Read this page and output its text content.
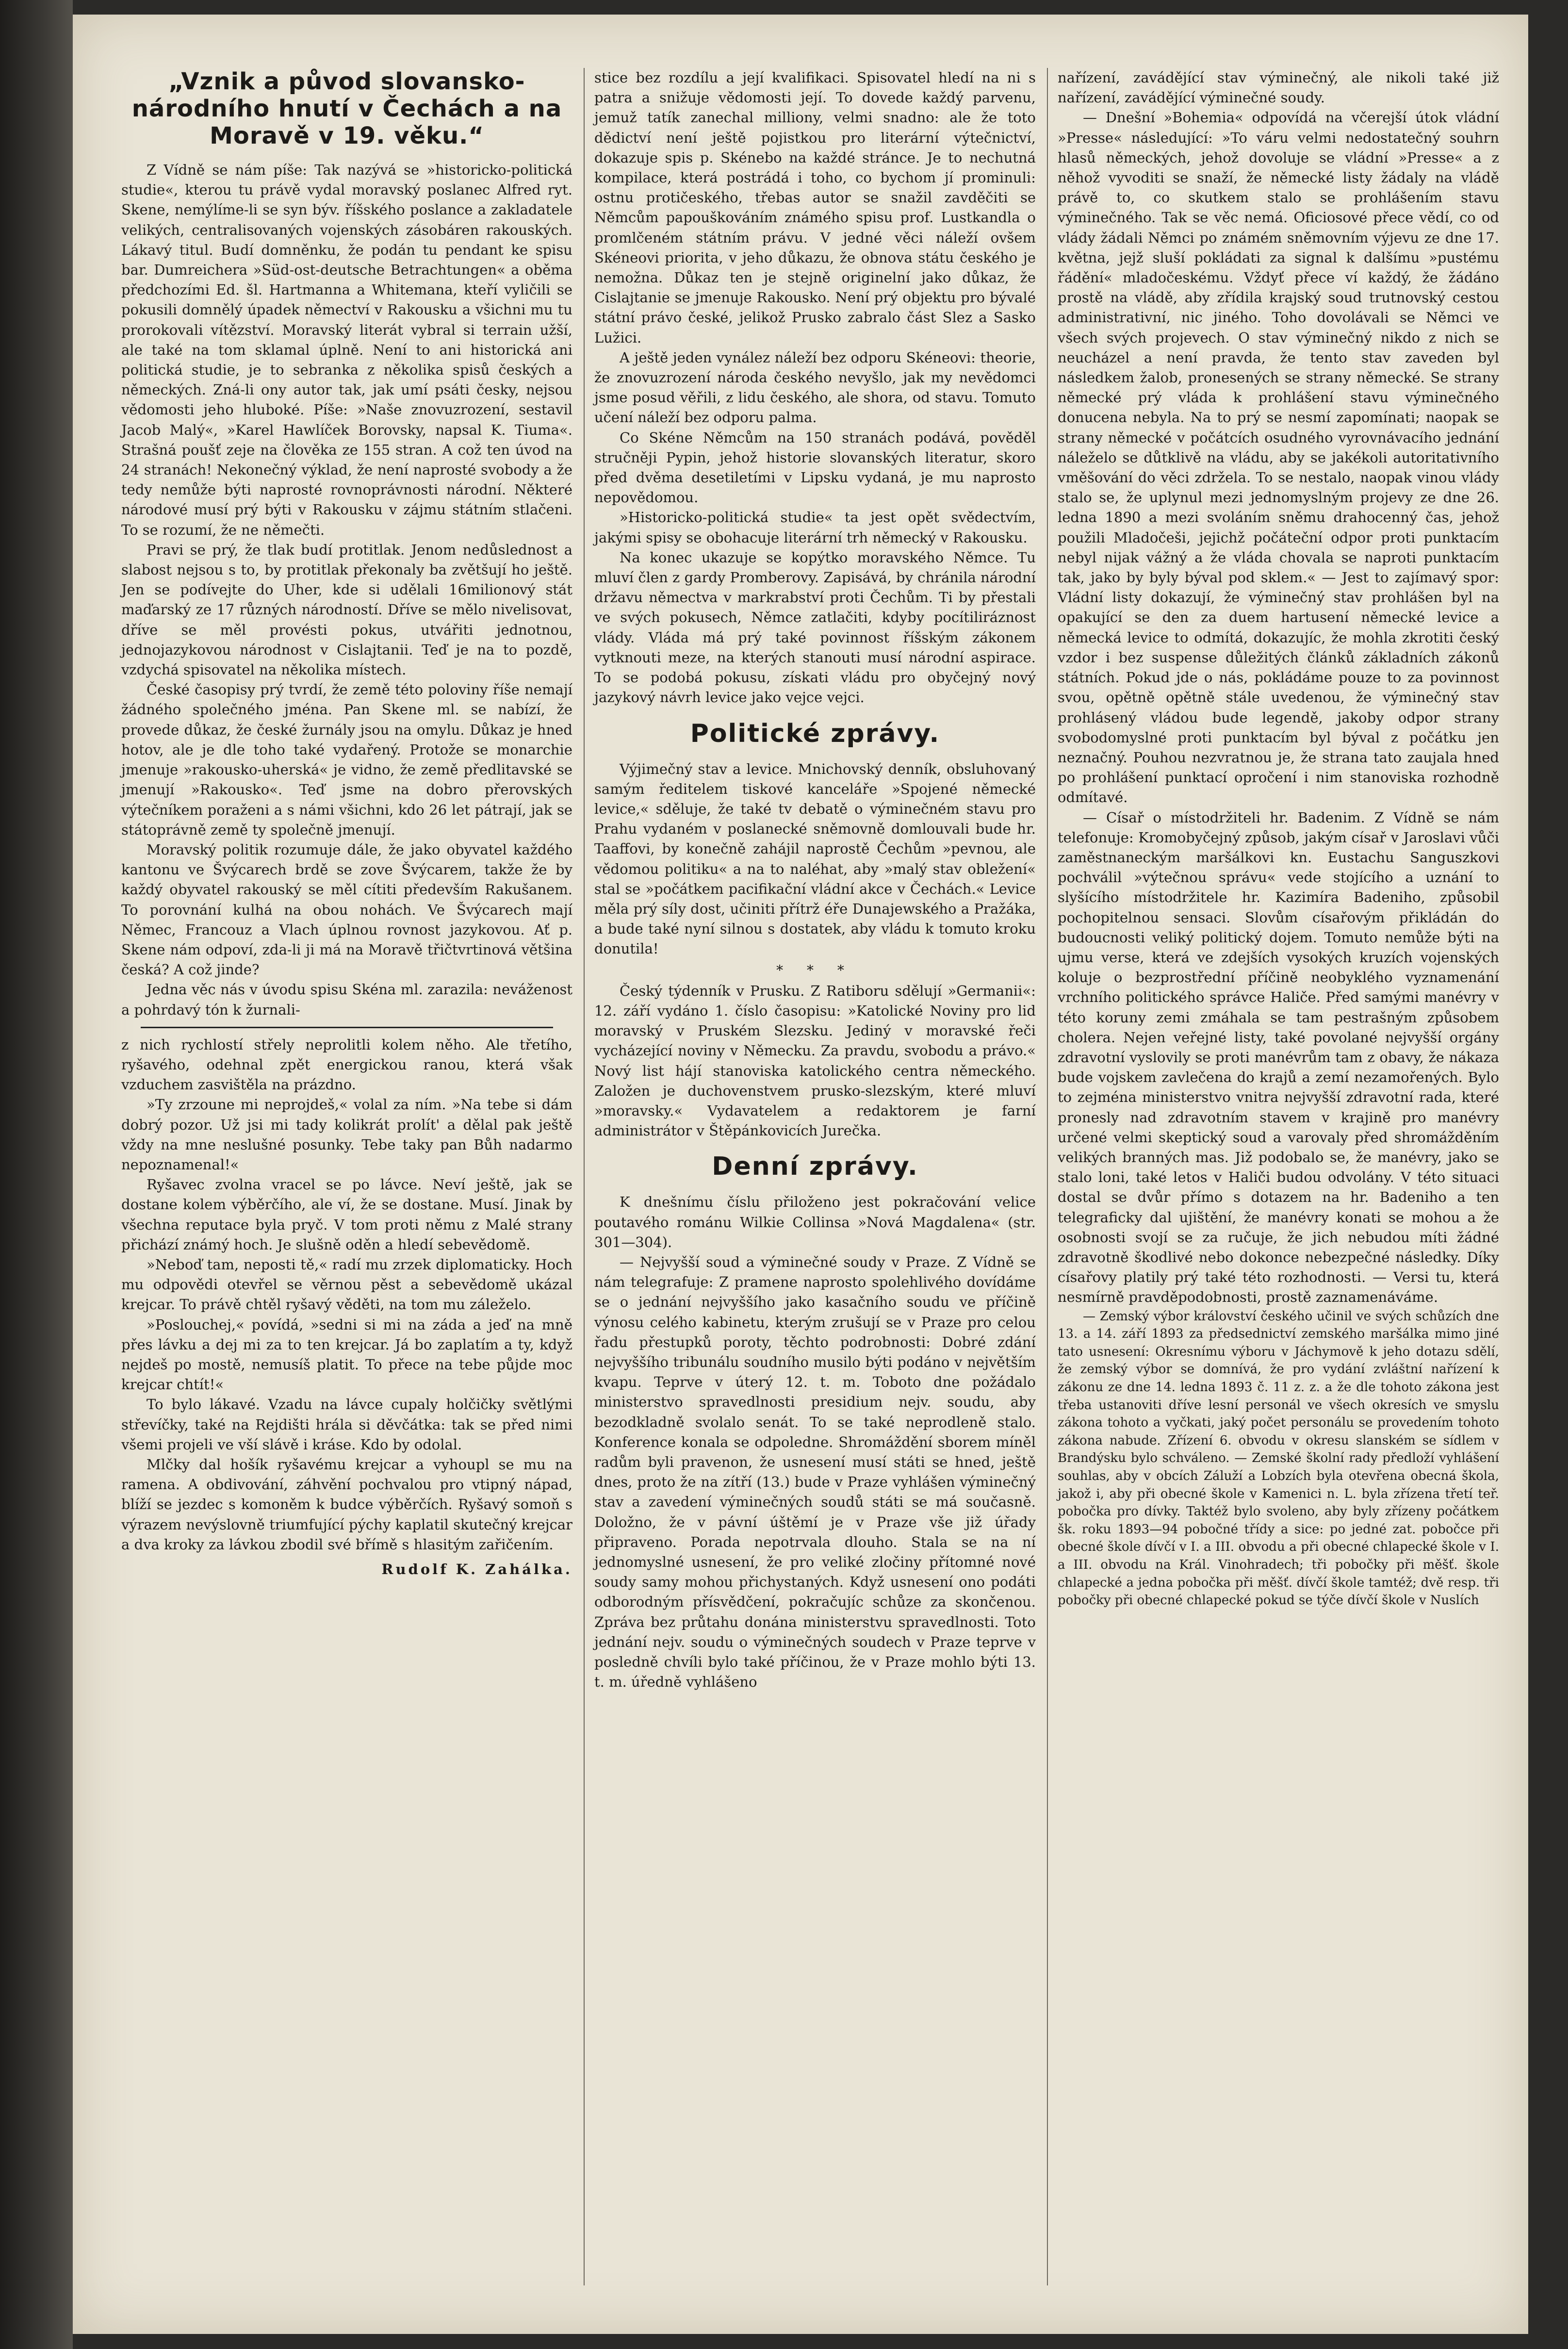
„Vznik a původ slovansko-národního hnutí v Čechách a na Moravě v 19. věku.“

Z Vídně se nám píše: Tak nazývá se »historicko-politická studie«, kterou tu právě vydal moravský poslanec Alfred ryt. Skene, nemýlíme-li se syn býv. říšského poslance a zakladatele velikých, centralisovaných vojenských zásobáren rakouských. Lákavý titul. Budí domněnku, že podán tu pendant ke spisu bar. Dumreichera »Süd-ost-deutsche Betrachtungen« a oběma předchozími Ed. šl. Hartmanna a Whitemana, kteří vyličili se pokusili domnělý úpadek němectví v Rakousku a všichni mu tu prorokovali vítězství. Moravský literát vybral si terrain užší, ale také na tom sklamal úplně. Není to ani historická ani politická studie, je to sebranka z několika spisů českých a německých. Zná-li ony autor tak, jak umí psáti česky, nejsou vědomosti jeho hluboké. Píše: »Naše znovuzrození, sestavil Jacob Malý«, »Karel Hawlíček Borovsky, napsal K. Tiuma«. Strašná poušť zeje na člověka ze 155 stran. A což ten úvod na 24 stranách! Nekonečný výklad, že není naprosté svobody a že tedy nemůže býti naprosté rovnoprávnosti národní. Některé národové musí prý býti v Rakousku v zájmu státním stlačeni. To se rozumí, že ne němečti.

Pravi se prý, že tlak budí protitlak. Jenom nedůslednost a slabost nejsou s to, by protitlak překonaly ba zvětšují ho ještě. Jen se podívejte do Uher, kde si udělali 16milionový stát maďarský ze 17 různých národností. Dříve se mělo nivelisovat, dříve se měl provésti pokus, utvářiti jednotnou, jednojazykovou národnost v Cislajtanii. Teď je na to pozdě, vzdychá spisovatel na několika místech.

České časopisy prý tvrdí, že země této poloviny říše nemají žádného společného jména. Pan Skene ml. se nabízí, že provede důkaz, že české žurnály jsou na omylu. Důkaz je hned hotov, ale je dle toho také vydařený. Protože se monarchie jmenuje »rakousko-uherská« je vidno, že země předlitavské se jmenují »Rakousko«. Teď jsme na dobro přerovských výtečníkem poraženi a s námi všichni, kdo 26 let pátrají, jak se státoprávně země ty společně jmenují.

Moravský politik rozumuje dále, že jako obyvatel každého kantonu ve Švýcarech brdě se zove Švýcarem, takže že by každý obyvatel rakouský se měl cítiti především Rakušanem. To porovnání kulhá na obou nohách. Ve Švýcarech mají Němec, Francouz a Vlach úplnou rovnost jazykovou. Ať p. Skene nám odpoví, zda-li ji má na Moravě třičtvrtinová většina česká? A což jinde?

Jedna věc nás v úvodu spisu Skéna ml. zarazila: neváženost a pohrdavý tón k žurnali-

z nich rychlostí střely neprolitli kolem něho. Ale třetího, ryšavého, odehnal zpět energickou ranou, která však vzduchem zasvištěla na prázdno.

»Ty zrzoune mi neprojdeš,« volal za ním. »Na tebe si dám dobrý pozor. Už jsi mi tady kolikrát prolít' a dělal pak ještě vždy na mne neslušné posunky. Tebe taky pan Bůh nadarmo nepoznamenal!«

Ryšavec zvolna vracel se po lávce. Neví ještě, jak se dostane kolem výběrčího, ale ví, že se dostane. Musí. Jinak by všechna reputace byla pryč. V tom proti němu z Malé strany přichází známý hoch. Je slušně oděn a hledí sebevědomě.

»Neboď tam, neposti tě,« radí mu zrzek diplomaticky. Hoch mu odpovědi otevřel se věrnou pěst a sebevědomě ukázal krejcar. To právě chtěl ryšavý věděti, na tom mu záleželo.

»Poslouchej,« povídá, »sedni si mi na záda a jeď na mně přes lávku a dej mi za to ten krejcar. Já bo zaplatím a ty, když nejdeš po mostě, nemusíš platit. To přece na tebe půjde moc krejcar chtít!«

To bylo lákavé. Vzadu na lávce cupaly holčičky světlými střevíčky, také na Rejdišti hrála si děvčátka: tak se před nimi všemi projeli ve vší slávě i kráse. Kdo by odolal.

Mlčky dal hošík ryšavému krejcar a vyhoupl se mu na ramena. A obdivování, záhvění pochvalou pro vtipný nápad, blíží se jezdec s komoněm k budce výběrčích. Ryšavý somoň s výrazem nevýslovně triumfující pýchy kaplatil skutečný krejcar a dva kroky za lávkou zbodil své břímě s hlasitým zařičením.

Rudolf K. Zahálka.

stice bez rozdílu a její kvalifikaci. Spisovatel hledí na ni s patra a snižuje vědomosti její. To dovede každý parvenu, jemuž tatík zanechal milliony, velmi snadno: ale že toto dědictví není ještě pojistkou pro literární výtečnictví, dokazuje spis p. Skénebo na každé stránce. Je to nechutná kompilace, která postrádá i toho, co bychom jí prominuli: ostnu protičeského, třebas autor se snažil zavděčiti se Němcům papouškováním známého spisu prof. Lustkandla o promlčeném státním právu. V jedné věci náleží ovšem Skéneovi priorita, v jeho důkazu, že obnova státu českého je nemožna. Důkaz ten je stejně originelní jako důkaz, že Cislajtanie se jmenuje Rakousko. Není prý objektu pro bývalé státní právo české, jelikož Prusko zabralo část Slez a Sasko Lužici.

A ještě jeden vynález náleží bez odporu Skéneovi: theorie, že znovuzrození národa českého nevyšlo, jak my nevědomci jsme posud věřili, z lidu českého, ale shora, od stavu. Tomuto učení náleží bez odporu palma.

Co Skéne Němcům na 150 stranách podává, pověděl stručněji Pypin, jehož historie slovanských literatur, skoro před dvěma desetiletími v Lipsku vydaná, je mu naprosto nepovědomou.

»Historicko-politická studie« ta jest opět svědectvím, jakými spisy se obohacuje literární trh německý v Rakousku.

Na konec ukazuje se kopýtko moravského Němce. Tu mluví člen z gardy Promberovy. Zapisává, by chránila národní državu němectva v markrabství proti Čechům. Ti by přestali ve svých pokusech, Němce zatlačiti, kdyby pocítiliráznost vlády. Vláda má prý také povinnost říšským zákonem vytknouti meze, na kterých stanouti musí národní aspirace. To se podobá pokusu, získati vládu pro obyčejný nový jazykový návrh levice jako vejce vejci.

Politické zprávy.

Výjimečný stav a levice. Mnichovský denník, obsluhovaný samým ředitelem tiskové kanceláře »Spojené německé levice,« sděluje, že také tv debatě o výminečném stavu pro Prahu vydaném v poslanecké sněmovně domlouvali bude hr. Taaffovi, by konečně zahájil naprostě Čechům »pevnou, ale vědomou politiku« a na to naléhat, aby »malý stav obležení« stal se »počátkem pacifikační vládní akce v Čechách.« Levice měla prý síly dost, učiniti přítrž éře Dunajewského a Pražáka, a bude také nyní silnou s dostatek, aby vládu k tomuto kroku donutila!

* * *

Český týdenník v Prusku. Z Ratiboru sdělují »Germanii«: 12. září vydáno 1. číslo časopisu: »Katolické Noviny pro lid moravský v Pruském Slezsku. Jediný v moravské řeči vycházející noviny v Německu. Za pravdu, svobodu a právo.« Nový list hájí stanoviska katolického centra německého. Založen je duchovenstvem prusko-slezským, které mluví »moravsky.« Vydavatelem a redaktorem je farní administrátor v Štěpánkovicích Jurečka.

Denní zprávy.

K dnešnímu číslu přiloženo jest pokračování velice poutavého románu Wilkie Collinsa »Nová Magdalena« (str. 301—304).

— Nejvyšší soud a výminečné soudy v Praze. Z Vídně se nám telegrafuje: Z pramene naprosto spolehlivého dovídáme se o jednání nejvyššího jako kasačního soudu ve příčině výnosu celého kabinetu, kterým zrušují se v Praze pro celou řadu přestupků poroty, těchto podrobnosti: Dobré zdání nejvyššího tribunálu soudního musilo býti podáno v největším kvapu. Teprve v úterý 12. t. m. Toboto dne požádalo ministerstvo spravedlnosti presidium nejv. soudu, aby bezodkladně svolalo senát. To se také neprodleně stalo. Konference konala se odpoledne. Shromáždění sborem míněl radům byli pravenon, že usnesení musí státi se hned, ještě dnes, proto že na zítří (13.) bude v Praze vyhlášen výminečný stav a zavedení výminečných soudů státi se má současně. Doložno, že v pávní úštěmí je v Praze vše již úřady připraveno. Porada nepotrvala dlouho. Stala se na ní jednomyslné usnesení, že pro veliké zločiny přítomné nové soudy samy mohou přichystaných. Když usnesení ono podáti odborodným přísvědčení, pokračujíc schůze za skončenou. Zpráva bez průtahu donána ministerstvu spravedlnosti. Toto jednání nejv. soudu o výminečných soudech v Praze teprve v posledně chvíli bylo také příčinou, že v Praze mohlo býti 13. t. m. úředně vyhlášeno

nařízení, zavádějící stav výminečný, ale nikoli také již nařízení, zavádějící výminečné soudy.

— Dnešní »Bohemia« odpovídá na včerejší útok vládní »Presse« následující: »To váru velmi nedostatečný souhrn hlasů německých, jehož dovoluje se vládní »Presse« a z něhož vyvoditi se snaží, že německé listy žádaly na vládě právě to, co skutkem stalo se prohlášením stavu výminečného. Tak se věc nemá. Oficiosové přece vědí, co od vlády žádali Němci po známém sněmovním výjevu ze dne 17. května, jejž sluší pokládati za signal k dalšímu »pustému řádění« mladočeskému. Vždyť přece ví každý, že žádáno prostě na vládě, aby zřídila krajský soud trutnovský cestou administrativní, nic jiného. Toho dovolávali se Němci ve všech svých projevech. O stav výminečný nikdo z nich se neucházel a není pravda, že tento stav zaveden byl následkem žalob, pronesených se strany německé. Se strany německé prý vláda k prohlášení stavu výminečného donucena nebyla. Na to prý se nesmí zapomínati; naopak se strany německé v počátcích osudného vyrovnávacího jednání náleželo se důtklivě na vládu, aby se jakékoli autoritativního vměšování do věci zdržela. To se nestalo, naopak vinou vlády stalo se, že uplynul mezi jednomyslným projevy ze dne 26. ledna 1890 a mezi svoláním sněmu drahocenný čas, jehož použili Mladočeši, jejichž počáteční odpor proti punktacím nebyl nijak vážný a že vláda chovala se naproti punktacím tak, jako by byly býval pod sklem.« — Jest to zajímavý spor: Vládní listy dokazují, že výminečný stav prohlášen byl na opakující se den za duem hartusení německé levice a německá levice to odmítá, dokazujíc, že mohla zkrotiti český vzdor i bez suspense důležitých článků základních zákonů státních. Pokud jde o nás, pokládáme pouze to za povinnost svou, opětně opětně stále uvedenou, že výminečný stav prohlásený vládou bude legendě, jakoby odpor strany svobodomyslné proti punktacím byl býval z počátku jen neznačný. Pouhou nezvratnou je, že strana tato zaujala hned po prohlášení punktací opročení i nim stanoviska rozhodně odmítavé.

— Císař o místodržiteli hr. Badenim. Z Vídně se nám telefonuje: Kromobyčejný způsob, jakým císař v Jaroslavi vůči zaměstnaneckým maršálkovi kn. Eustachu Sanguszkovi pochválil »výtečnou správu« vede stojícího a uznání to slyšícího místodržitele hr. Kazimíra Badeniho, způsobil pochopitelnou sensaci. Slovům císařovým přikládán do budoucnosti veliký politický dojem. Tomuto nemůže býti na ujmu verse, která ve zdejších vysokých kruzích vojenských koluje o bezprostřední příčině neobyklého vyznamenání vrchního politického správce Haliče. Před samými manévry v této koruny zemi zmáhala se tam pestrašným způsobem cholera. Nejen veřejné listy, také povolané nejvyšší orgány zdravotní vyslovily se proti manévrům tam z obavy, že nákaza bude vojskem zavlečena do krajů a zemí nezamořených. Bylo to zejména ministerstvo vnitra nejvyšší zdravotní rada, které pronesly nad zdravotním stavem v krajině pro manévry určené velmi skeptický soud a varovaly před shromážděním velikých branných mas. Již podobalo se, že manévry, jako se stalo loni, také letos v Haliči budou odvolány. V této situaci dostal se dvůr přímo s dotazem na hr. Badeniho a ten telegraficky dal ujištění, že manévry konati se mohou a že osobnosti svojí se za ručuje, že jich nebudou míti žádné zdravotně škodlivé nebo dokonce nebezpečné následky. Díky císařovy platily prý také této rozhodnosti. — Versi tu, která nesmírně pravděpodobnosti, prostě zaznamenáváme.

— Zemský výbor království českého učinil ve svých schůzích dne 13. a 14. září 1893 za předsednictví zemského maršálka mimo jiné tato usnesení: Okresnímu výboru v Jáchymově k jeho dotazu sdělí, že zemský výbor se domnívá, že pro vydání zvláštní nařízení k zákonu ze dne 14. ledna 1893 č. 11 z. z. a že dle tohoto zákona jest třeba ustanoviti dříve lesní personál ve všech okresích ve smyslu zákona tohoto a vyčkati, jaký počet personálu se provedením tohoto zákona nabude. Zřízení 6. obvodu v okresu slanském se sídlem v Brandýsku bylo schváleno. — Zemské školní rady předloží vyhlášení souhlas, aby v obcích Záluží a Lobzích byla otevřena obecná škola, jakož i, aby při obecné škole v Kamenici n. L. byla zřízena třetí teř. pobočka pro dívky. Taktéž bylo svoleno, aby byly zřízeny počátkem šk. roku 1893—94 pobočné třídy a sice: po jedné zat. pobočce při obecné škole dívčí v I. a III. obvodu a při obecné chlapecké škole v I. a III. obvodu na Král. Vinohradech; tři pobočky při měšť. škole chlapecké a jedna pobočka při měšť. dívčí škole tamtéž; dvě resp. tři pobočky při obecné chlapecké pokud se týče dívčí škole v Nuslích
